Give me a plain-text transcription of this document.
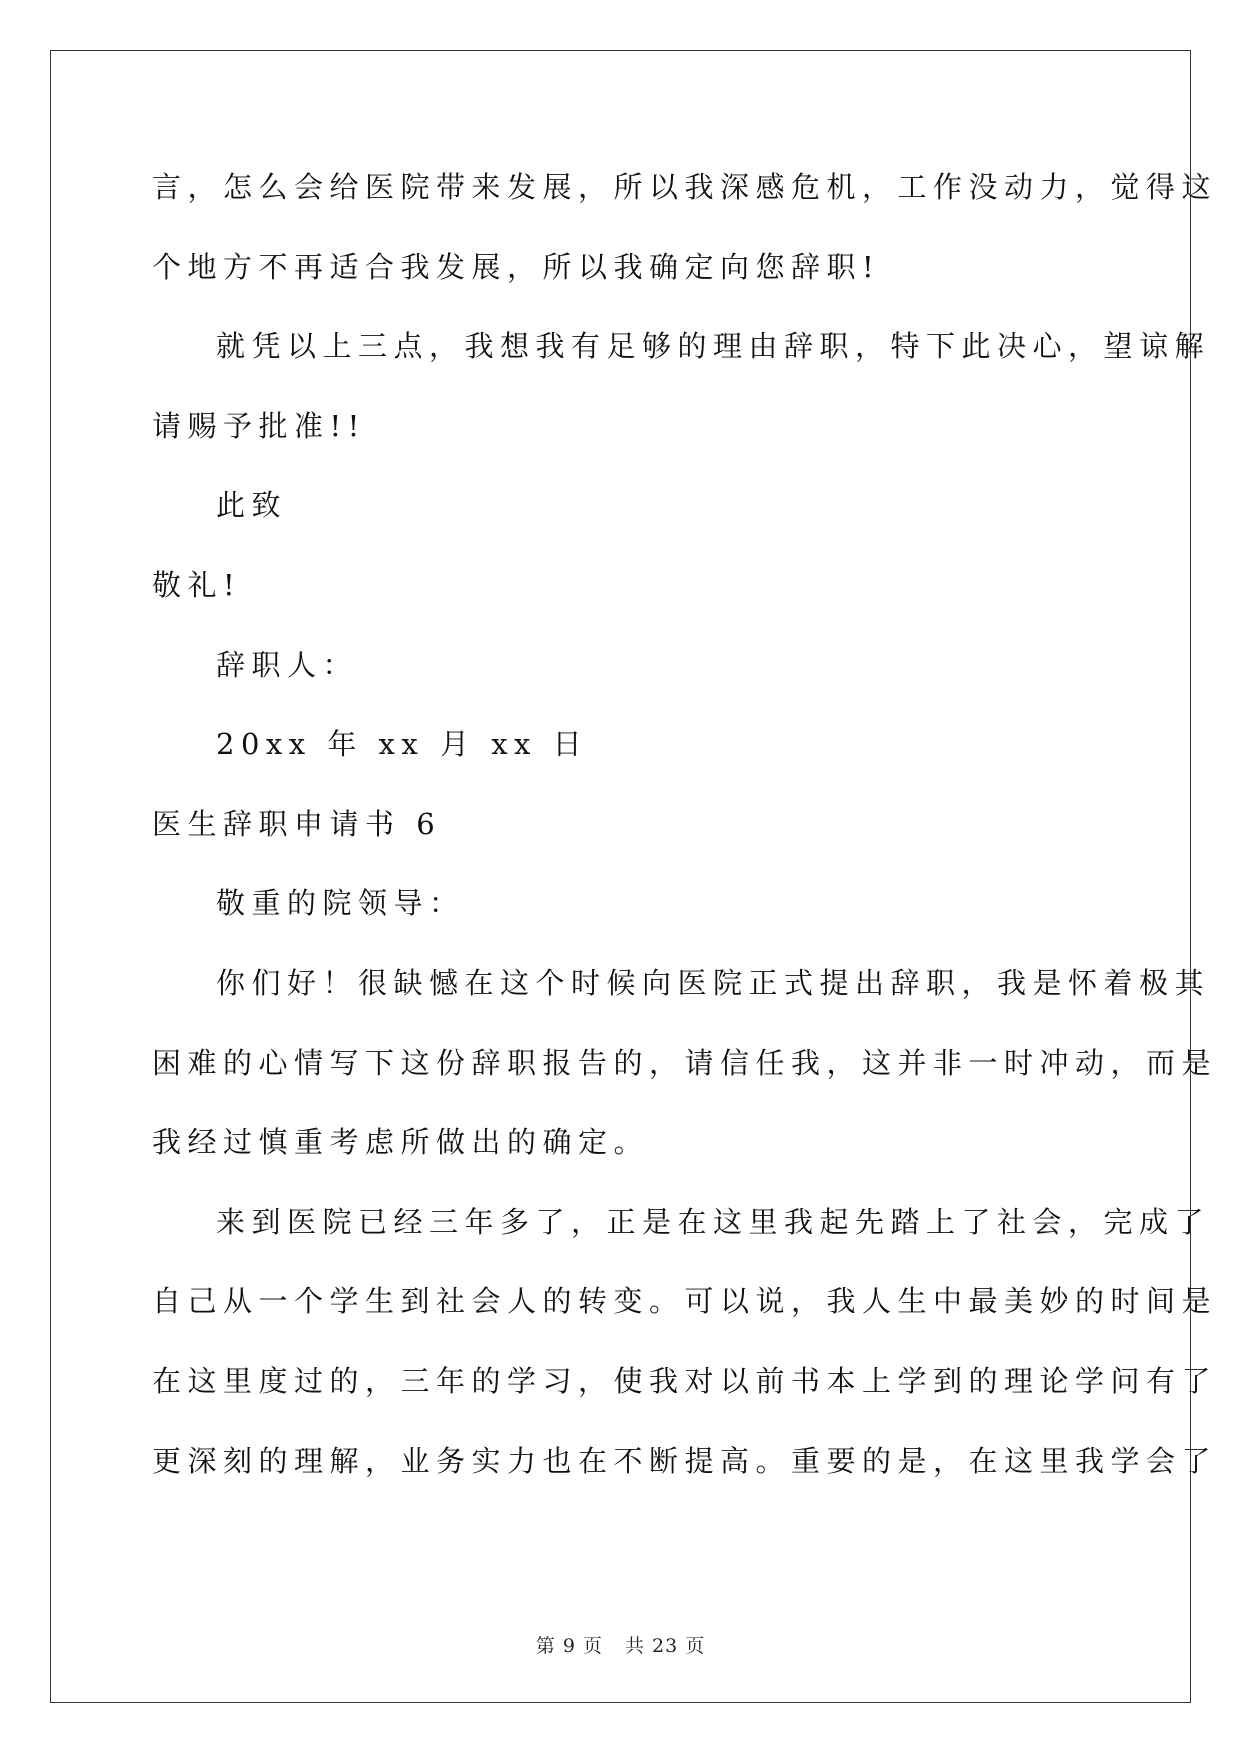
言，怎么会给医院带来发展，所以我深感危机，工作没动力，觉得这
个地方不再适合我发展，所以我确定向您辞职!
就凭以上三点，我想我有足够的理由辞职，特下此决心，望谅解
请赐予批准!!
此致
敬礼!
辞职人：
20xx 年 xx 月 xx 日
医生辞职申请书 6
敬重的院领导：
你们好！很缺憾在这个时候向医院正式提出辞职，我是怀着极其
困难的心情写下这份辞职报告的，请信任我，这并非一时冲动，而是
我经过慎重考虑所做出的确定。
来到医院已经三年多了，正是在这里我起先踏上了社会，完成了
自己从一个学生到社会人的转变。可以说，我人生中最美妙的时间是
在这里度过的，三年的学习，使我对以前书本上学到的理论学问有了
更深刻的理解，业务实力也在不断提高。重要的是，在这里我学会了
第 9 页 共 23 页
